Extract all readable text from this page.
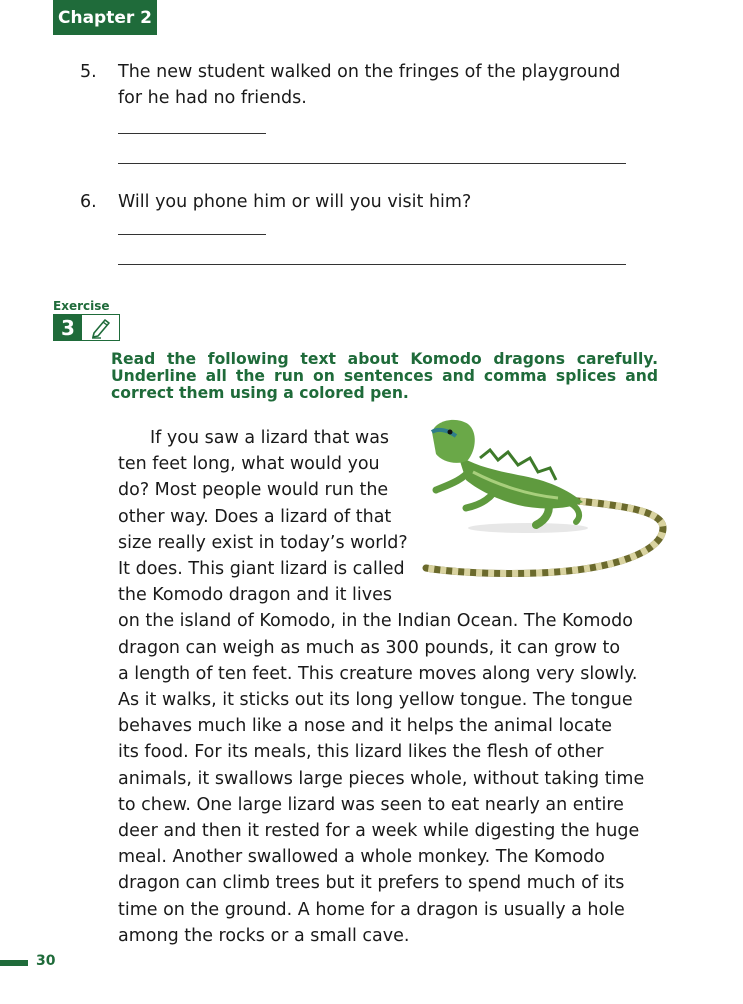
Chapter 2
5. The new student walked on the fringes of the playground
for he had no friends.
6. Will you phone him or will you visit him?
Exercise
3
Read the following text about Komodo dragons carefully. Underline all the run on sentences and comma splices and correct them using a colored pen.
If you saw a lizard that was
ten feet long, what would you
do? Most people would run the
other way. Does a lizard of that
size really exist in today’s world?
It does. This giant lizard is called
the Komodo dragon and it lives
on the island of Komodo, in the Indian Ocean. The Komodo
dragon can weigh as much as 300 pounds, it can grow to
a length of ten feet. This creature moves along very slowly.
As it walks, it sticks out its long yellow tongue. The tongue
behaves much like a nose and it helps the animal locate
its food. For its meals, this lizard likes the flesh of other
animals, it swallows large pieces whole, without taking time
to chew. One large lizard was seen to eat nearly an entire
deer and then it rested for a week while digesting the huge
meal. Another swallowed a whole monkey. The Komodo
dragon can climb trees but it prefers to spend much of its
time on the ground. A home for a dragon is usually a hole
among the rocks or a small cave.
30
